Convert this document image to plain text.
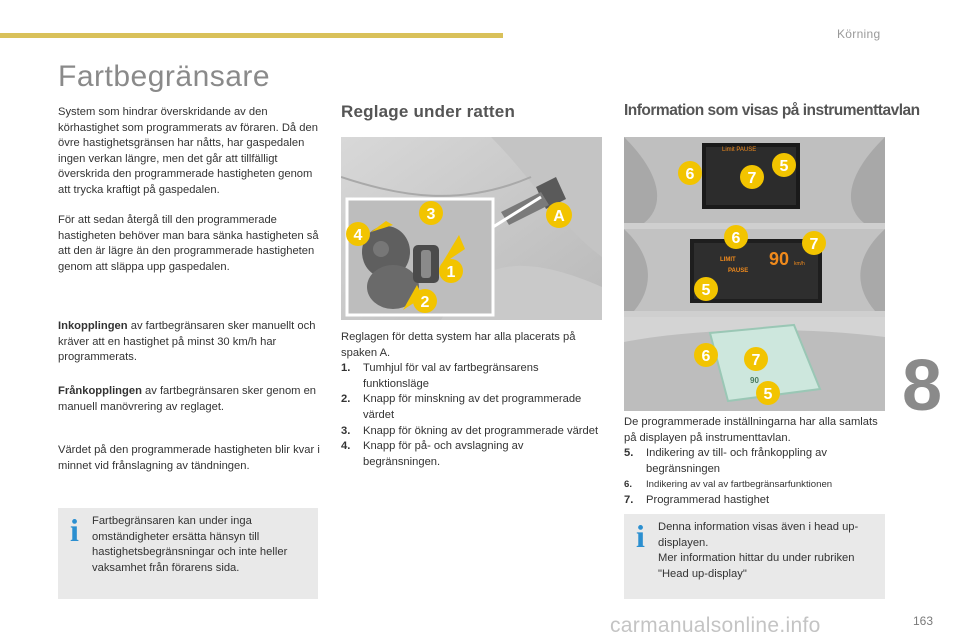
Körning
8
carmanualsonline.info	163
Fartbegränsare

System som hindrar överskridande av den körhastighet som programmerats av föraren. Då den övre hastighetsgränsen har nåtts, har gaspedalen ingen verkan längre, men det går att tillfälligt överskrida den programmerade hastigheten genom att trycka kraftigt på gaspedalen.

För att sedan återgå till den programmerade hastigheten behöver man bara sänka hastigheten så att den är lägre än den programmerade hastigheten genom att släppa upp gaspedalen.

Inkopplingen av fartbegränsaren sker manuellt och kräver att en hastighet på minst 30 km/h har programmerats.

Frånkopplingen av fartbegränsaren sker genom en manuell manövrering av reglaget.

Värdet på den programmerade hastigheten blir kvar i minnet vid frånslagning av tändningen.

i Fartbegränsaren kan under inga omständigheter ersätta hänsyn till hastighetsbegränsningar och inte heller vaksamhet från förarens sida.

Reglage under ratten
A
1
2
3
4

Reglagen för detta system har alla placerats på spaken A.

1.	Tumhjul för val av fartbegränsarens funktionsläge
2.	Knapp för minskning av det programmerade värdet
3.	Knapp för ökning av det programmerade värdet
4.	Knapp för på- och avslagning av begränsningen.
Information som visas på instrumenttavlan
Limit PAUSE
LIMIT
PAUSE
90 km/h
90
6	7
5
6	7
5
6	7
5

De programmerade inställningarna har alla samlats på displayen på instrumenttavlan.

5.	Indikering av till- och frånkoppling av begränsningen
6.	Indikering av val av fartbegränsarfunktionen
7.	Programmerad hastighet
i Denna information visas även i head up-displayen.

Mer information hittar du under rubriken "Head up-display"
